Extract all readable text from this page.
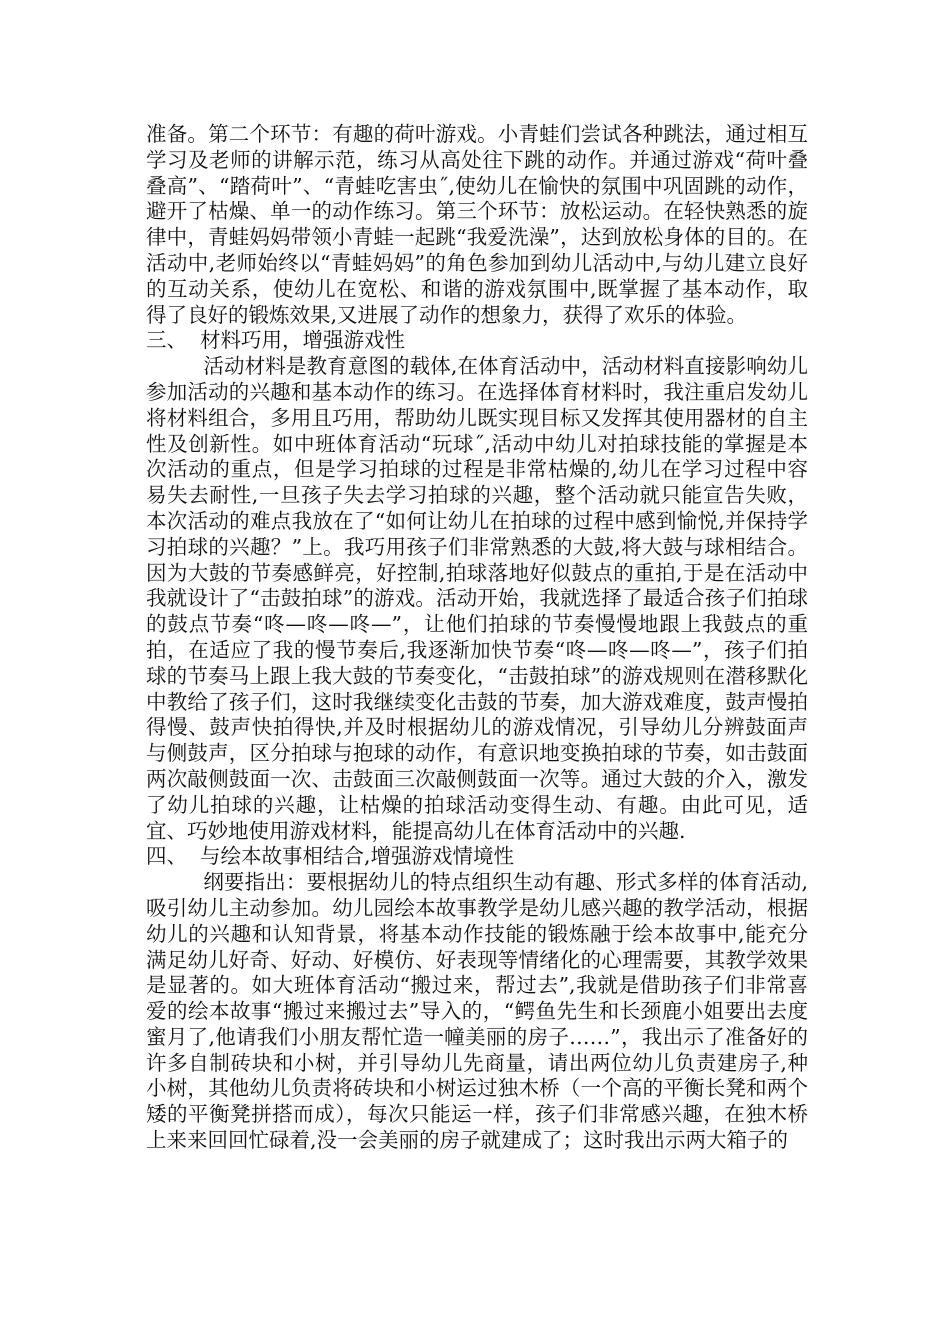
准备。第二个环节：有趣的荷叶游戏。小青蛙们尝试各种跳法，通过相互学习及老师的讲解示范，练习从高处往下跳的动作。并通过游戏“荷叶叠叠高”、“踏荷叶”、“青蛙吃害虫˝,使幼儿在愉快的氛围中巩固跳的动作，避开了枯燥、单一的动作练习。第三个环节：放松运动。在轻快熟悉的旋律中，青蛙妈妈带领小青蛙一起跳“我爱洗澡”，达到放松身体的目的。在活动中,老师始终以“青蛙妈妈”的角色参加到幼儿活动中,与幼儿建立良好的互动关系，使幼儿在宽松、和谐的游戏氛围中,既掌握了基本动作，取得了良好的锻炼效果,又进展了动作的想象力，获得了欢乐的体验。

三、  材料巧用，增强游戏性

活动材料是教育意图的载体,在体育活动中，活动材料直接影响幼儿参加活动的兴趣和基本动作的练习。在选择体育材料时，我注重启发幼儿将材料组合，多用且巧用，帮助幼儿既实现目标又发挥其使用器材的自主性及创新性。如中班体育活动“玩球˝,活动中幼儿对拍球技能的掌握是本次活动的重点，但是学习拍球的过程是非常枯燥的,幼儿在学习过程中容易失去耐性,一旦孩子失去学习拍球的兴趣，整个活动就只能宣告失败，本次活动的难点我放在了“如何让幼儿在拍球的过程中感到愉悦,并保持学习拍球的兴趣？”上。我巧用孩子们非常熟悉的大鼓,将大鼓与球相结合。因为大鼓的节奏感鲜亮，好控制,拍球落地好似鼓点的重拍,于是在活动中我就设计了“击鼓拍球”的游戏。活动开始，我就选择了最适合孩子们拍球的鼓点节奏“咚—咚—咚—”，让他们拍球的节奏慢慢地跟上我鼓点的重拍，在适应了我的慢节奏后,我逐渐加快节奏“咚—咚—咚—”，孩子们拍球的节奏马上跟上我大鼓的节奏变化，“击鼓拍球”的游戏规则在潜移默化中教给了孩子们，这时我继续变化击鼓的节奏，加大游戏难度，鼓声慢拍得慢、鼓声快拍得快,并及时根据幼儿的游戏情况，引导幼儿分辨鼓面声与侧鼓声，区分拍球与抱球的动作，有意识地变换拍球的节奏，如击鼓面两次敲侧鼓面一次、击鼓面三次敲侧鼓面一次等。通过大鼓的介入，激发了幼儿拍球的兴趣，让枯燥的拍球活动变得生动、有趣。由此可见，适宜、巧妙地使用游戏材料，能提高幼儿在体育活动中的兴趣.

四、  与绘本故事相结合,增强游戏情境性

纲要指出：要根据幼儿的特点组织生动有趣、形式多样的体育活动,吸引幼儿主动参加。幼儿园绘本故事教学是幼儿感兴趣的教学活动，根据幼儿的兴趣和认知背景，将基本动作技能的锻炼融于绘本故事中,能充分满足幼儿好奇、好动、好模仿、好表现等情绪化的心理需要，其教学效果是显著的。如大班体育活动“搬过来，帮过去”,我就是借助孩子们非常喜爱的绘本故事“搬过来搬过去”导入的，“鳄鱼先生和长颈鹿小姐要出去度蜜月了,他请我们小朋友帮忙造一幢美丽的房子……”，我出示了准备好的许多自制砖块和小树，并引导幼儿先商量，请出两位幼儿负责建房子,种小树，其他幼儿负责将砖块和小树运过独木桥（一个高的平衡长凳和两个矮的平衡凳拼搭而成），每次只能运一样，孩子们非常感兴趣，在独木桥上来来回回忙碌着,没一会美丽的房子就建成了；这时我出示两大箱子的
